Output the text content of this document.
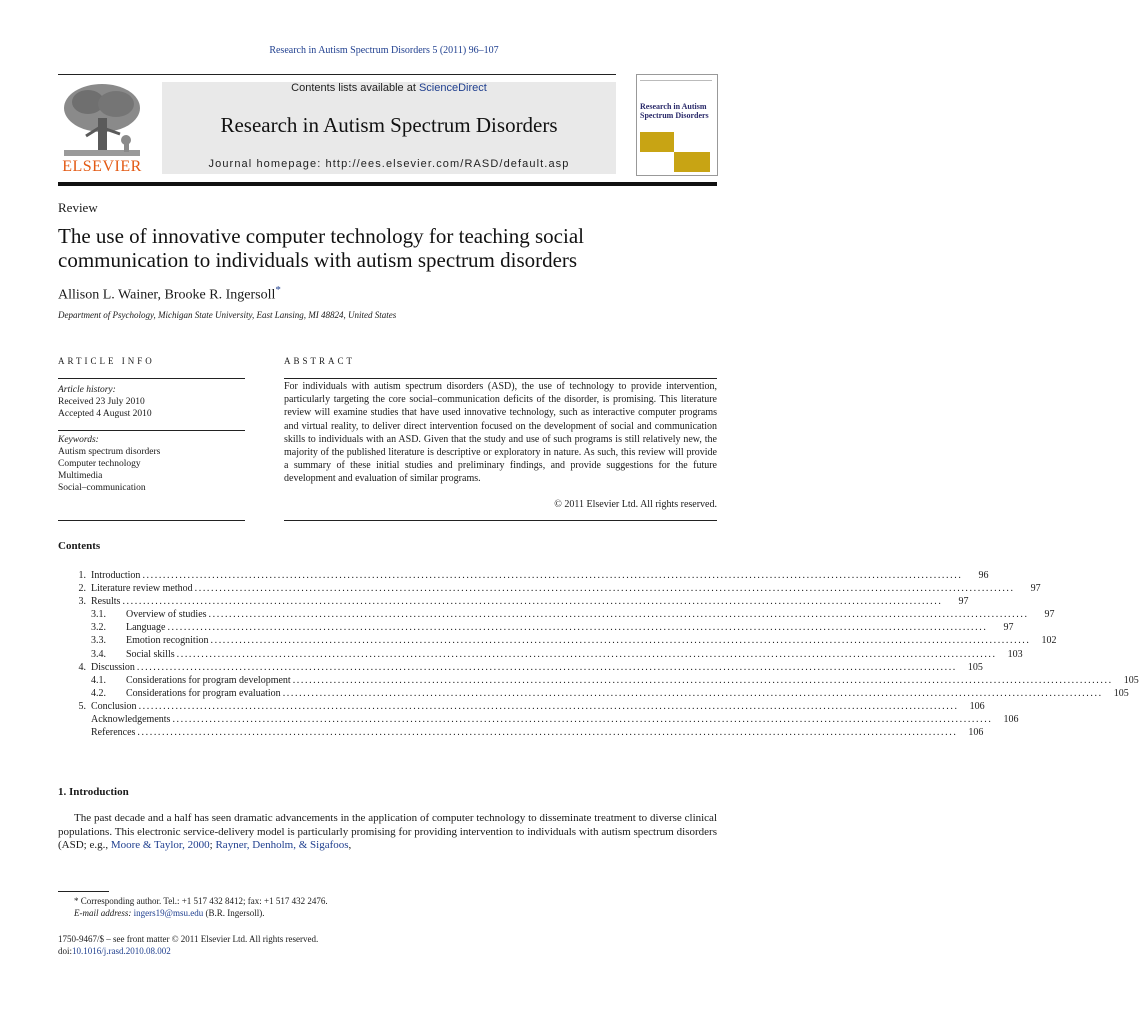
Research in Autism Spectrum Disorders 5 (2011) 96–107
ELSEVIER
Contents lists available at ScienceDirect
Research in Autism Spectrum Disorders
Journal homepage: http://ees.elsevier.com/RASD/default.asp
Research in Autism Spectrum Disorders
Review
The use of innovative computer technology for teaching social communication to individuals with autism spectrum disorders
Allison L. Wainer, Brooke R. Ingersoll*
Department of Psychology, Michigan State University, East Lansing, MI 48824, United States
ARTICLE INFO
Article history:
Received 23 July 2010
Accepted 4 August 2010
Keywords:
Autism spectrum disorders
Computer technology
Multimedia
Social–communication
ABSTRACT
For individuals with autism spectrum disorders (ASD), the use of technology to provide intervention, particularly targeting the core social–communication deficits of the disorder, is promising. This literature review will examine studies that have used innovative technology, such as interactive computer programs and virtual reality, to deliver direct intervention focused on the development of social and communication skills to individuals with an ASD. Given that the study and use of such programs is still relatively new, the majority of the published literature is descriptive or exploratory in nature. As such, this review will provide a summary of these initial studies and preliminary findings, and provide suggestions for the future development and evaluation of similar programs.
© 2011 Elsevier Ltd. All rights reserved.
Contents
1. Introduction ........................................................................................................................................................................................................	96
2. Literature review method ........................................................................................................................................................................................................	97
3. Results ........................................................................................................................................................................................................	97
3.1.	Overview of studies ........................................................................................................................................................................................................	97
3.2.	Language ........................................................................................................................................................................................................	97
3.3.	Emotion recognition ........................................................................................................................................................................................................	102
3.4.	Social skills ........................................................................................................................................................................................................	103
4. Discussion ........................................................................................................................................................................................................	105
4.1.	Considerations for program development ........................................................................................................................................................................................................	105
4.2.	Considerations for program evaluation ........................................................................................................................................................................................................	105
5. Conclusion ........................................................................................................................................................................................................	106
Acknowledgements ........................................................................................................................................................................................................	106
References ........................................................................................................................................................................................................	106
1. Introduction
The past decade and a half has seen dramatic advancements in the application of computer technology to disseminate treatment to diverse clinical populations. This electronic service-delivery model is particularly promising for providing intervention to individuals with autism spectrum disorders (ASD; e.g., Moore & Taylor, 2000; Rayner, Denholm, & Sigafoos,
* Corresponding author. Tel.: +1 517 432 8412; fax: +1 517 432 2476.
E-mail address: ingers19@msu.edu (B.R. Ingersoll).
1750-9467/$ – see front matter © 2011 Elsevier Ltd. All rights reserved.
doi:10.1016/j.rasd.2010.08.002
